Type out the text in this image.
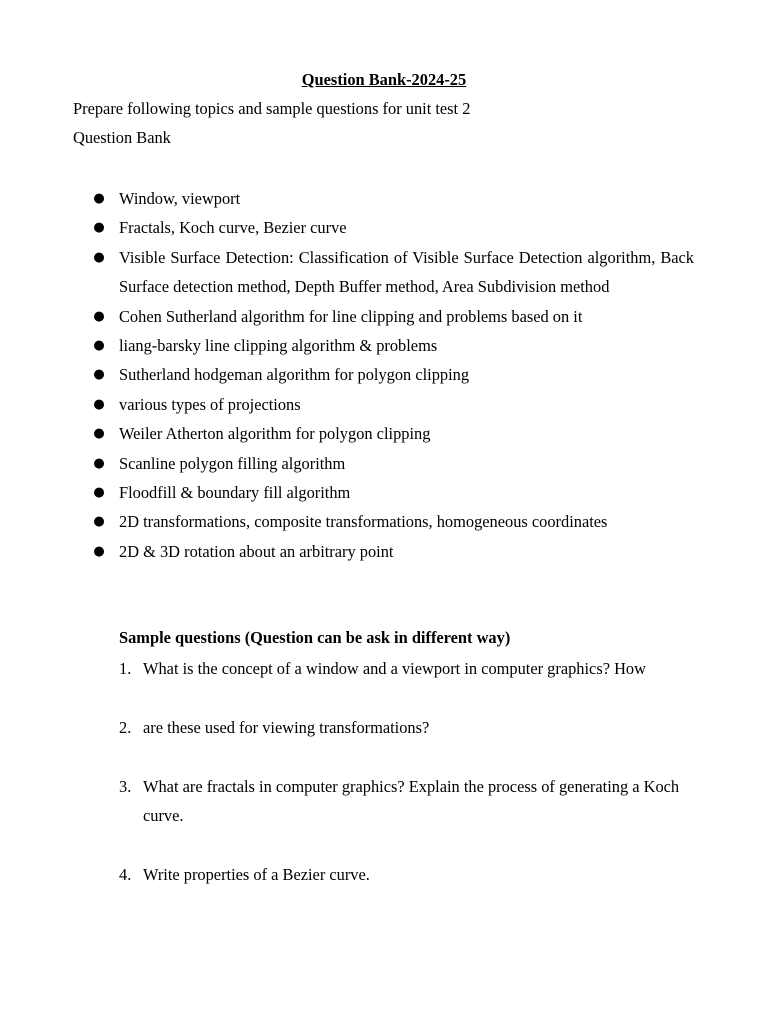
Question Bank-2024-25
Prepare following topics and sample questions for unit test 2
Question Bank
● Window, viewport
● Fractals, Koch curve, Bezier curve
● Visible Surface Detection: Classification of Visible Surface Detection algorithm, Back Surface detection method, Depth Buffer method, Area Subdivision method
● Cohen Sutherland algorithm for line clipping and problems based on it
● liang-barsky line clipping algorithm & problems
● Sutherland hodgeman algorithm for polygon clipping
● various types of projections
● Weiler Atherton algorithm for polygon clipping
● Scanline polygon filling algorithm
● Floodfill & boundary fill algorithm
● 2D transformations, composite transformations, homogeneous coordinates
● 2D & 3D rotation about an arbitrary point
Sample questions (Question can be ask in different way)
1. What is the concept of a window and a viewport in computer graphics? How
2. are these used for viewing transformations?
3. What are fractals in computer graphics? Explain the process of generating a Koch curve.
4. Write properties of a Bezier curve.
